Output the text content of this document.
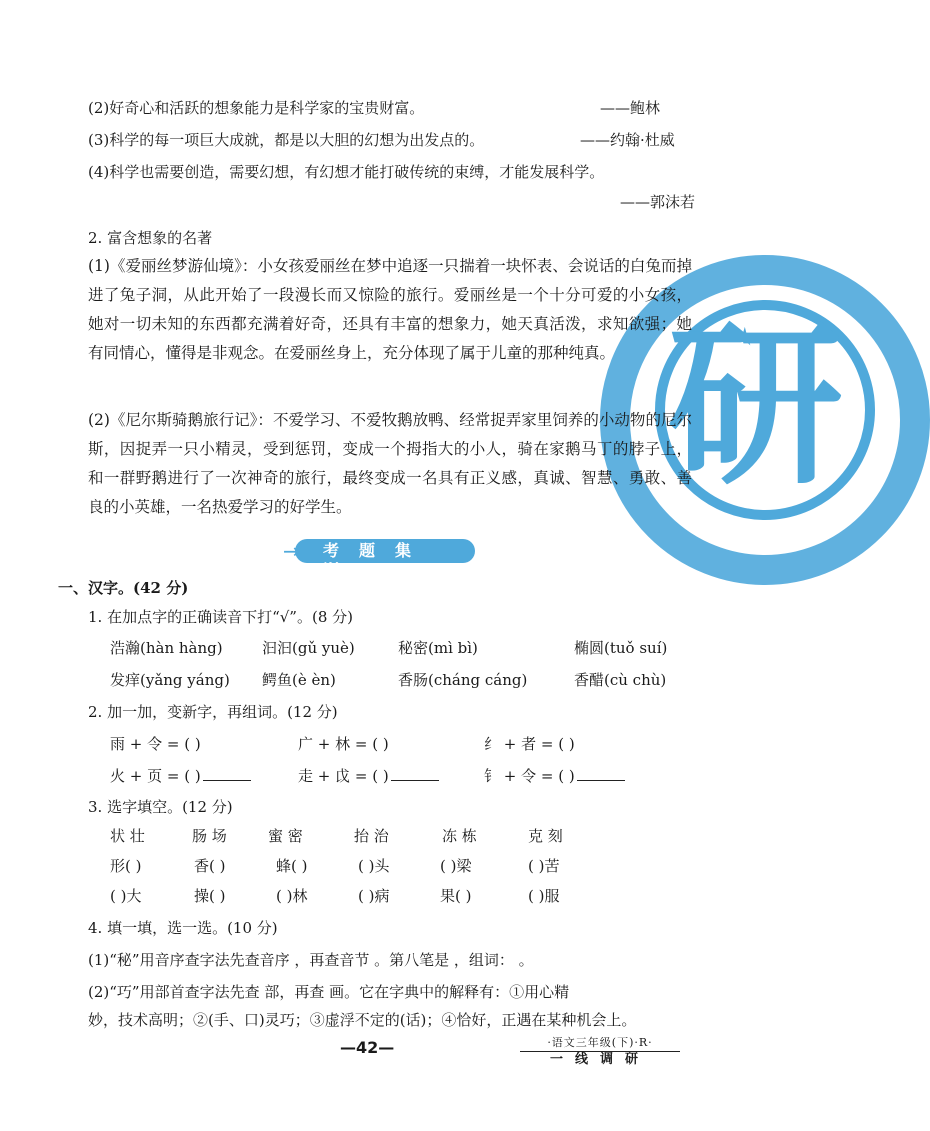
研
(2)好奇心和活跃的想象能力是科学家的宝贵财富。	——鲍林
(3)科学的每一项巨大成就，都是以大胆的幻想为出发点的。	——约翰·杜威
(4)科学也需要创造，需要幻想，有幻想才能打破传统的束缚，才能发展科学。
——郭沫若
2. 富含想象的名著
(1)《爱丽丝梦游仙境》：小女孩爱丽丝在梦中追逐一只揣着一块怀表、会说话的白兔而掉进了兔子洞，从此开始了一段漫长而又惊险的旅行。爱丽丝是一个十分可爱的小女孩，她对一切未知的东西都充满着好奇，还具有丰富的想象力，她天真活泼，求知欲强；她有同情心，懂得是非观念。在爱丽丝身上，充分体现了属于儿童的那种纯真。
(2)《尼尔斯骑鹅旅行记》：不爱学习、不爱牧鹅放鸭、经常捉弄家里饲养的小动物的尼尔斯，因捉弄一只小精灵，受到惩罚，变成一个拇指大的小人，骑在家鹅马丁的脖子上，和一群野鹅进行了一次神奇的旅行，最终变成一名具有正义感，真诚、智慧、勇敢、善良的小英雄，一名热爱学习的好学生。
→ 考题集训
一、汉字。(42 分)
1. 在加点字的正确读音下打“√”。(8 分)
浩瀚(hàn hàng)	汩汩(gǔ yuè)	秘密(mì bì)	椭圆(tuǒ suí)
发痒(yǎng yáng) 鳄鱼(è èn)	香肠(cháng cáng)	香醋(cù chù)
2. 加一加，变新字，再组词。(12 分)
雨 + 令 = ( )	广 + 林 = ( )	纟 + 者 = ( )
火 + 页 = ( )	走 + 戉 = ( )	钅 + 令 = ( )
3. 选字填空。(12 分)
状 壮	肠 场	蜜 密	抬 治	冻 栋	克 刻
形( )	香( )	蜂( )	( )头	( )梁	( )苦
( )大	操( )	( )林	( )病	果( )	( )服
4. 填一填，选一选。(10 分)
(1)“秘”用音序查字法先查音序 ，再查音节 。第八笔是 ，组词： 。
(2)“巧”用部首查字法先查 部，再查 画。它在字典中的解释有：①用心精
妙，技术高明；②(手、口)灵巧；③虚浮不定的(话)；④恰好，正遇在某种机会上。
—42—	·语文三年级(下)·R·
一线调研
